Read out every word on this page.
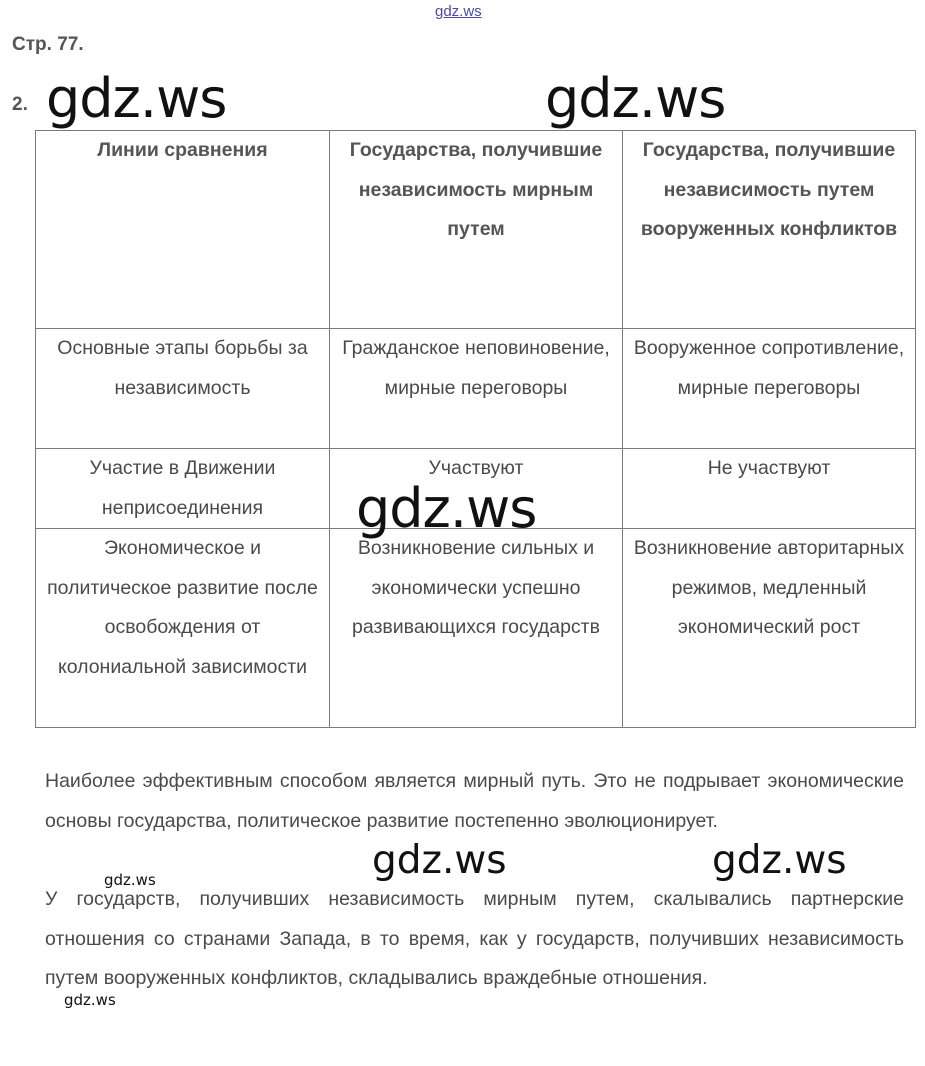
gdz.ws
Стр. 77.
2.
Линии сравнения	Государства, получившие независимость мирным путем	Государства, получившие независимость путем вооруженных конфликтов
Основные этапы борьбы за независимость	Гражданское неповиновение, мирные переговоры	Вооруженное сопротивление, мирные переговоры
Участие в Движении неприсоединения	Участвуют	Не участвуют
Экономическое и политическое развитие после освобождения от колониальной зависимости	Возникновение сильных и экономически успешно развивающихся государств	Возникновение авторитарных режимов, медленный экономический рост
Наиболее эффективным способом является мирный путь. Это не подрывает экономические основы государства, политическое развитие постепенно эволюционирует.
У государств, получивших независимость мирным путем, скалывались партнерские отношения со странами Запада, в то время, как у государств, получивших независимость путем вооруженных конфликтов, складывались враждебные отношения.
gdz.ws	gdz.ws
gdz.ws
gdz.ws	gdz.ws
gdz.ws
gdz.ws
